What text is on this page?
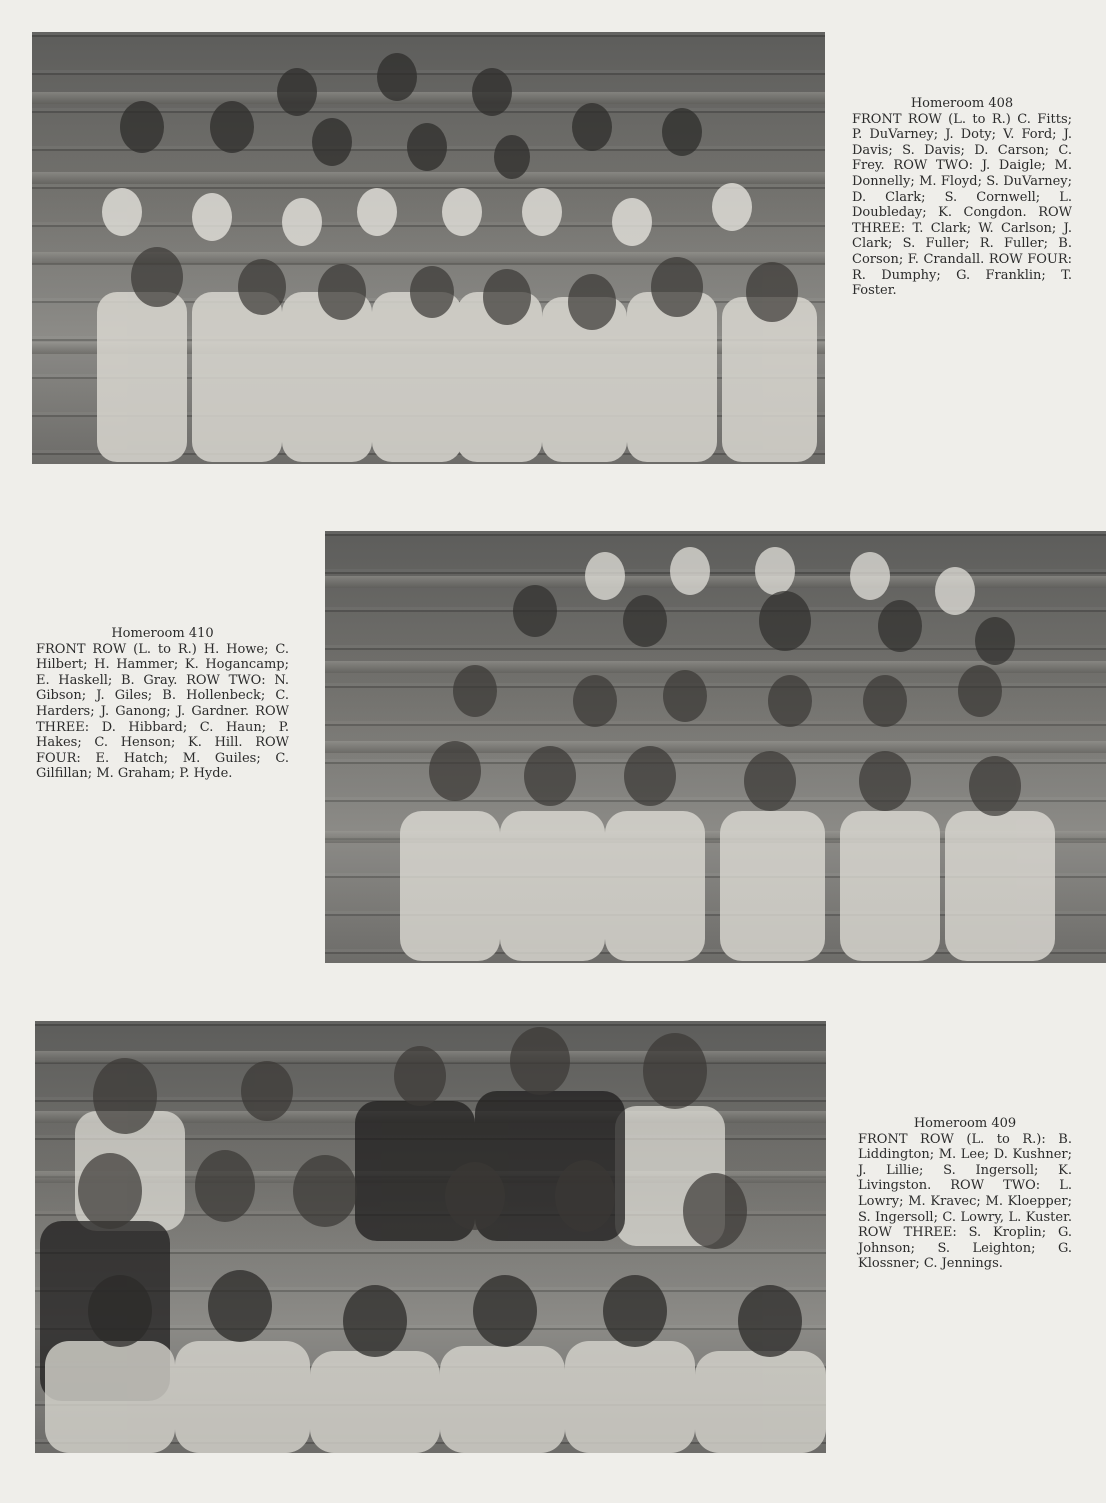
Homeroom 408
FRONT ROW (L. to R.) C. Fitts; P. DuVarney; J. Doty; V. Ford; J. Davis; S. Davis; D. Carson; C. Frey. ROW TWO: J. Daigle; M. Donnelly; M. Floyd; S. DuVarney; D. Clark; S. Cornwell; L. Doubleday; K. Congdon. ROW THREE: T. Clark; W. Carlson; J. Clark; S. Fuller; R. Fuller; B. Corson; F. Crandall. ROW FOUR: R. Dumphy; G. Franklin; T. Foster.
Homeroom 410
FRONT ROW (L. to R.) H. Howe; C. Hilbert; H. Hammer; K. Hogancamp; E. Haskell; B. Gray. ROW TWO: N. Gibson; J. Giles; B. Hollenbeck; C. Harders; J. Ganong; J. Gardner. ROW THREE: D. Hibbard; C. Haun; P. Hakes; C. Henson; K. Hill. ROW FOUR: E. Hatch; M. Guiles; C. Gilfillan; M. Graham; P. Hyde.
Homeroom 409
FRONT ROW (L. to R.): B. Liddington; M. Lee; D. Kushner; J. Lillie; S. Ingersoll; K. Livingston. ROW TWO: L. Lowry; M. Kravec; M. Kloepper; S. Ingersoll; C. Lowry, L. Kuster. ROW THREE: S. Kroplin; G. Johnson; S. Leighton; G. Klossner; C. Jennings.
